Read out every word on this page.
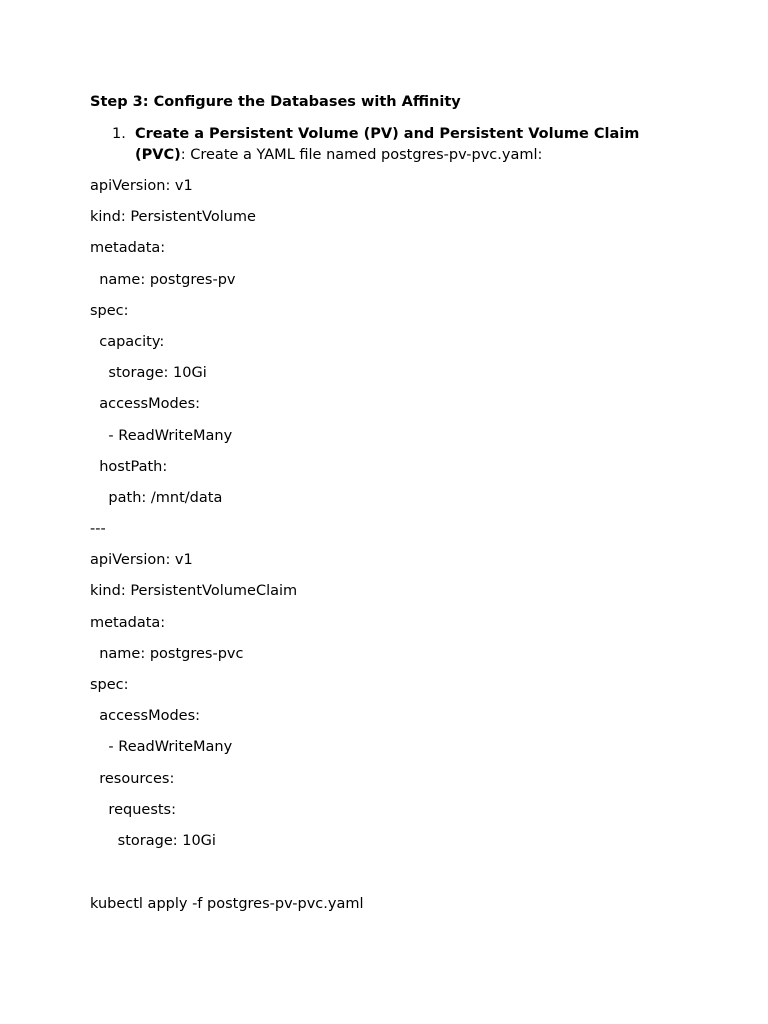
Step 3: Configure the Databases with Affinity

1. Create a Persistent Volume (PV) and Persistent Volume Claim (PVC): Create a YAML file named postgres-pv-pvc.yaml:
apiVersion: v1
kind: PersistentVolume
metadata:
name: postgres-pv
spec:
capacity:
storage: 10Gi
accessModes:
- ReadWriteMany
hostPath:
path: /mnt/data
---
apiVersion: v1
kind: PersistentVolumeClaim
metadata:
name: postgres-pvc
spec:
accessModes:
- ReadWriteMany
resources:
requests:
storage: 10Gi
kubectl apply -f postgres-pv-pvc.yaml
